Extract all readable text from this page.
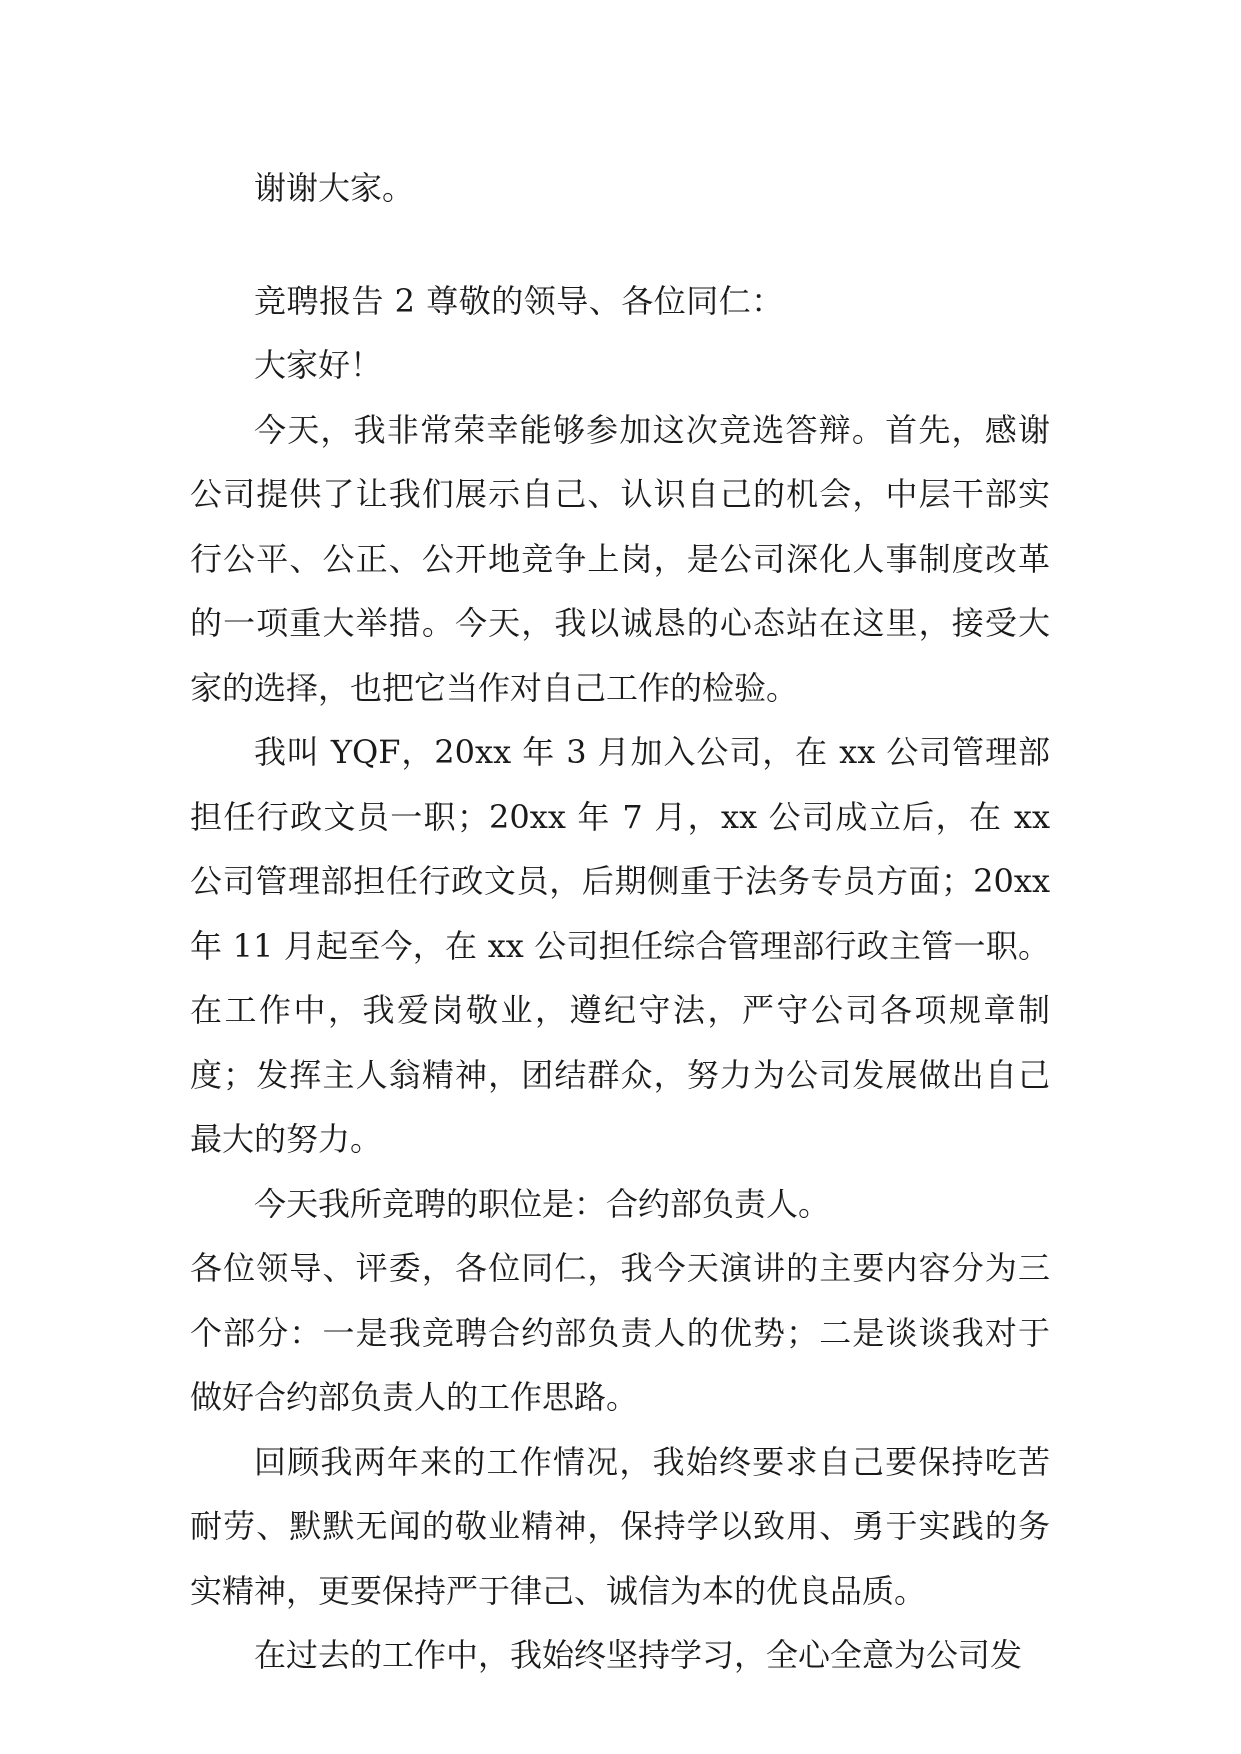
谢谢大家。

竞聘报告 2 尊敬的领导、各位同仁：

大家好！

今天，我非常荣幸能够参加这次竞选答辩。首先，感谢公司提供了让我们展示自己、认识自己的机会，中层干部实行公平、公正、公开地竞争上岗，是公司深化人事制度改革的一项重大举措。今天，我以诚恳的心态站在这里，接受大家的选择，也把它当作对自己工作的检验。

我叫 YQF，20xx 年 3 月加入公司，在 xx 公司管理部担任行政文员一职；20xx 年 7 月，xx 公司成立后，在 xx 公司管理部担任行政文员，后期侧重于法务专员方面；20xx 年 11 月起至今，在 xx 公司担任综合管理部行政主管一职。在工作中，我爱岗敬业，遵纪守法，严守公司各项规章制度；发挥主人翁精神，团结群众，努力为公司发展做出自己最大的努力。

今天我所竞聘的职位是：合约部负责人。

各位领导、评委，各位同仁，我今天演讲的主要内容分为三个部分：一是我竞聘合约部负责人的优势；二是谈谈我对于做好合约部负责人的工作思路。

回顾我两年来的工作情况，我始终要求自己要保持吃苦耐劳、默默无闻的敬业精神，保持学以致用、勇于实践的务实精神，更要保持严于律己、诚信为本的优良品质。

在过去的工作中，我始终坚持学习，全心全意为公司发
